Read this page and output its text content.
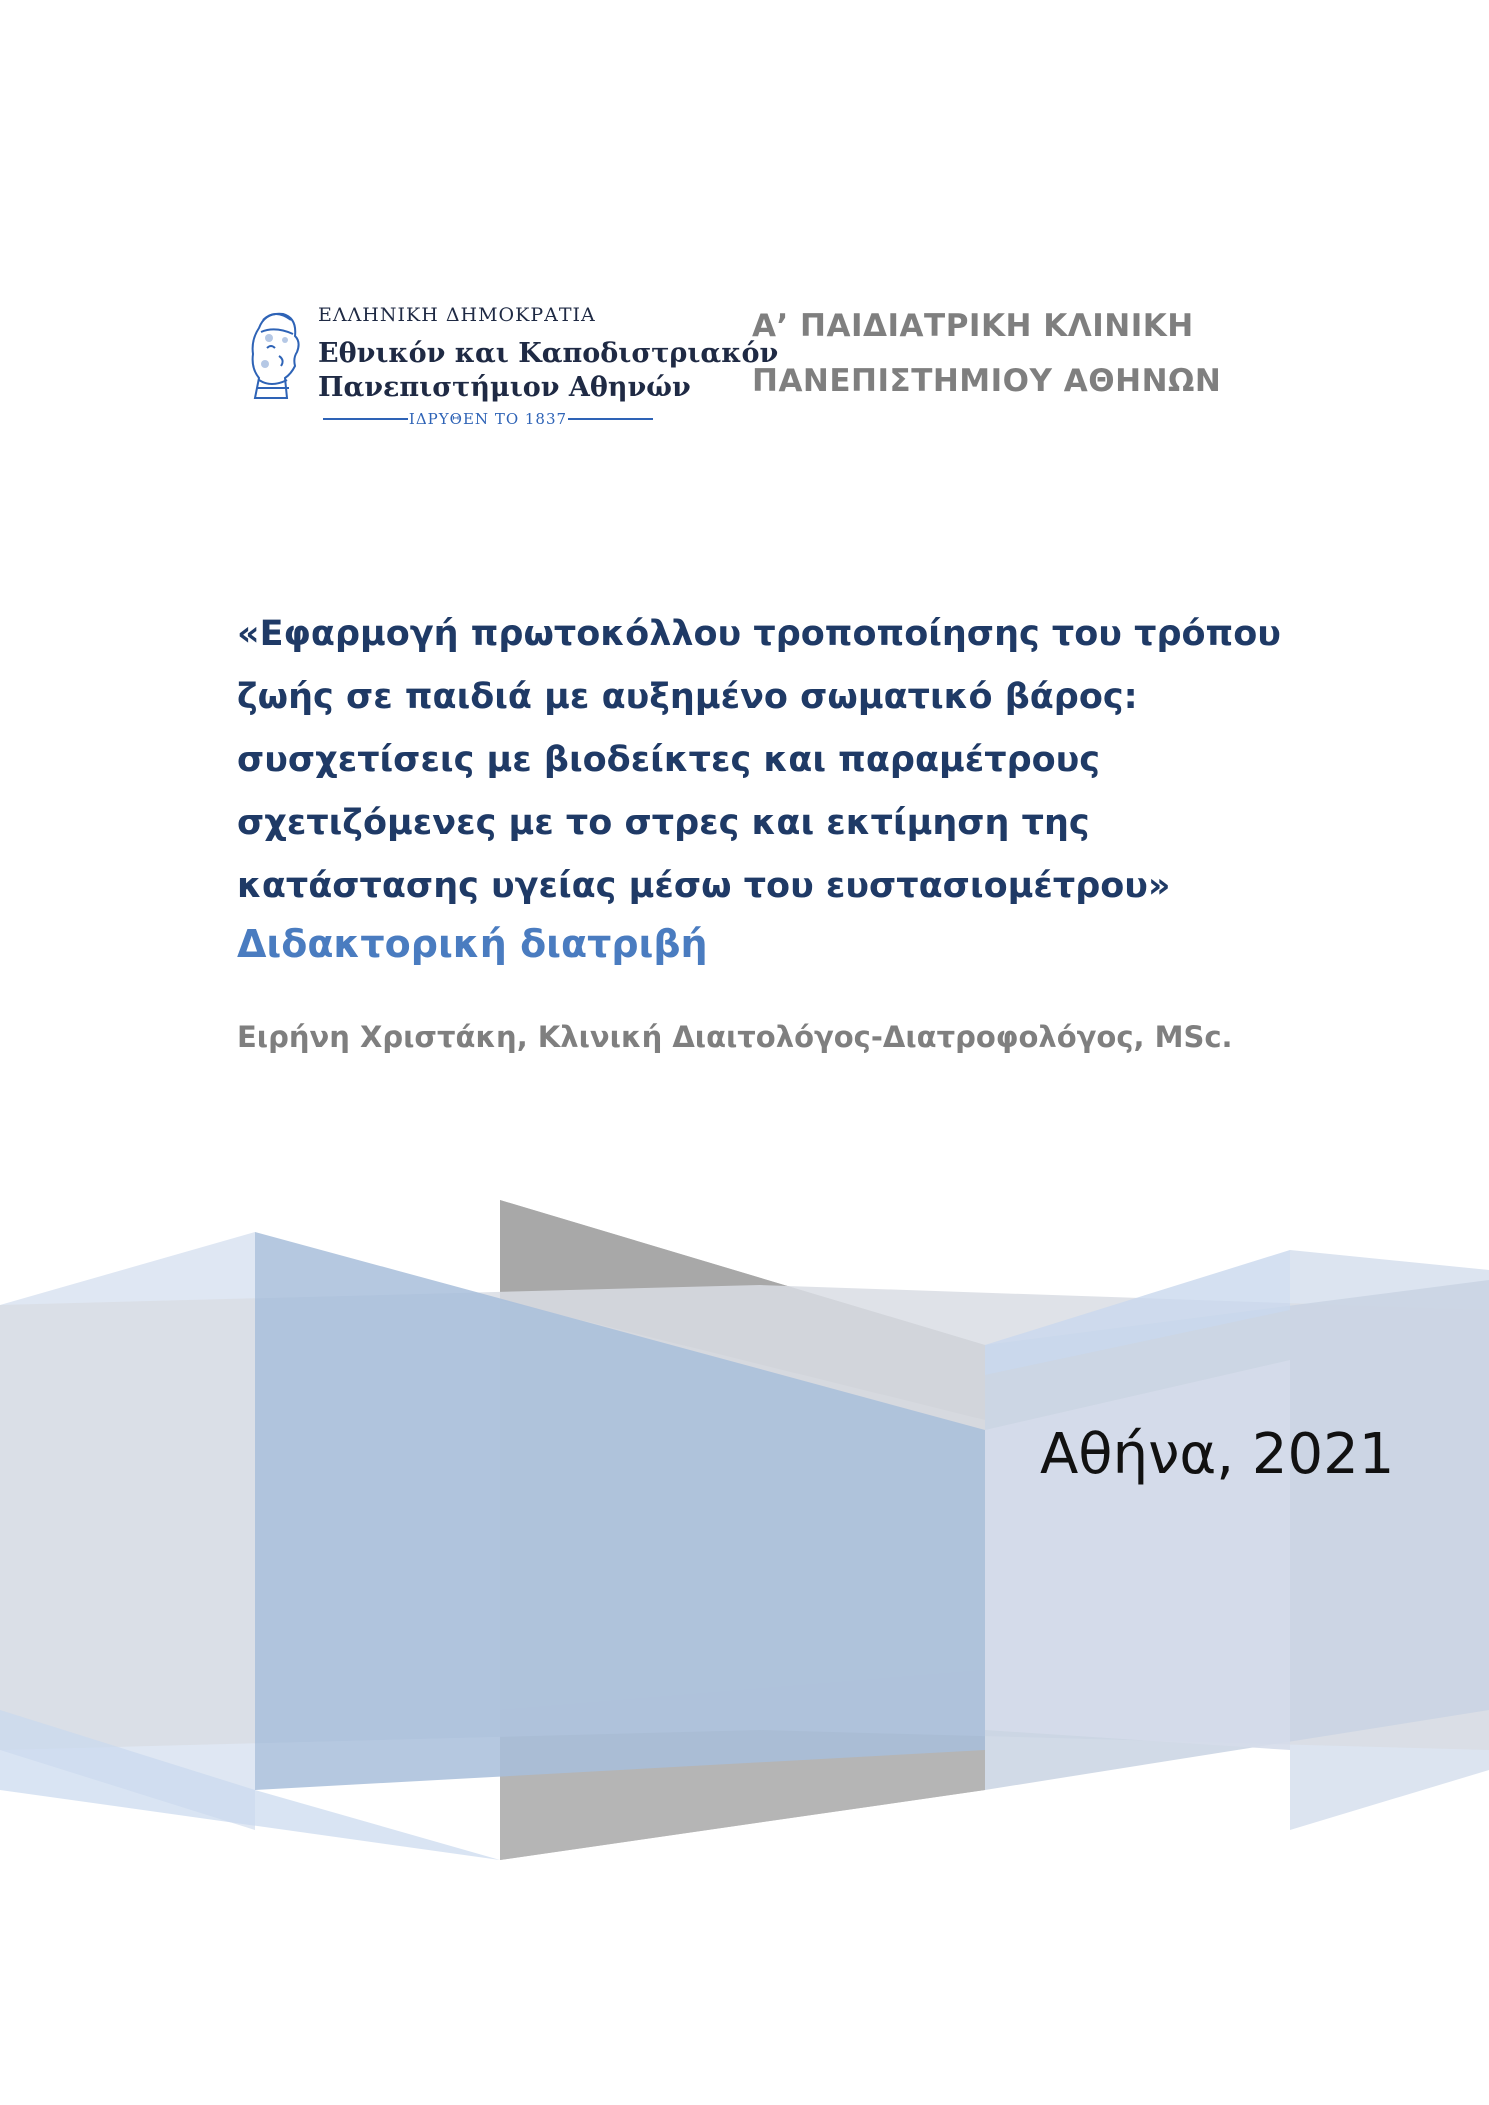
ΕΛΛΗΝΙΚΗ ΔΗΜΟΚΡΑΤΙΑ
Εθνικόν και Καποδιστριακόν
Πανεπιστήμιον Αθηνών
ΙΔΡΥΘΕΝ ΤΟ 1837
Α’ ΠΑΙΔΙΑΤΡΙΚΗ ΚΛΙΝΙΚΗ
ΠΑΝΕΠΙΣΤΗΜΙΟΥ ΑΘΗΝΩΝ
«Εφαρμογή πρωτοκόλλου τροποποίησης του τρόπου
ζωής σε παιδιά με αυξημένο σωματικό βάρος:
συσχετίσεις με βιοδείκτες και παραμέτρους
σχετιζόμενες με το στρες και εκτίμηση της
κατάστασης υγείας μέσω του ευστασιομέτρου»
Διδακτορική διατριβή
Ειρήνη Χριστάκη, Κλινική Διαιτολόγος-Διατροφολόγος, MSc.
Αθήνα, 2021
